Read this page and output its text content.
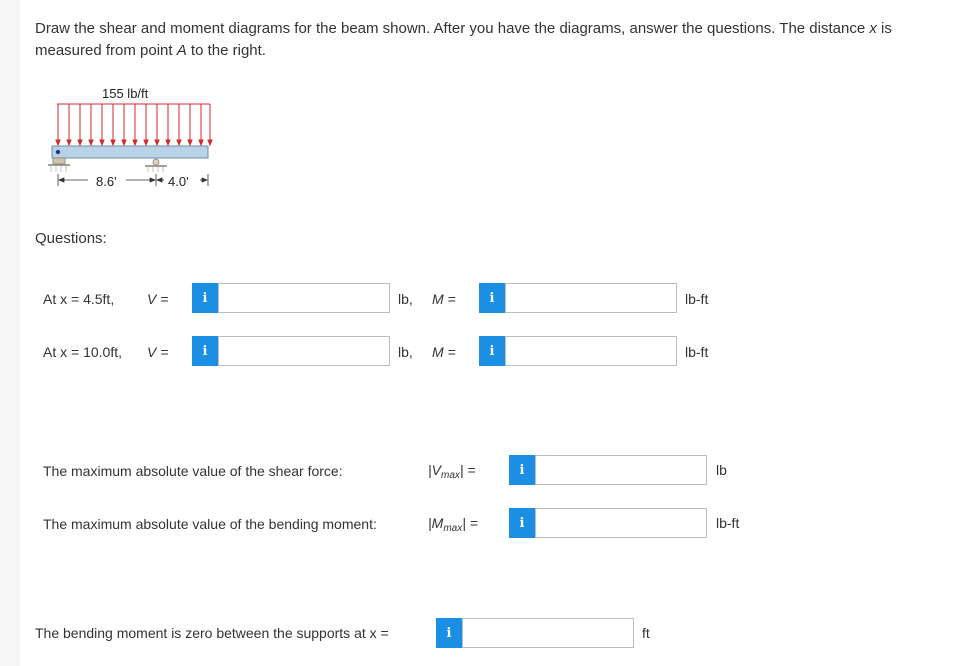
Draw the shear and moment diagrams for the beam shown. After you have the diagrams, answer the questions. The distance x is measured from point A to the right.
155 lb/ft
8.6'	4.0'
Questions:
At x = 4.5ft, V =	i	lb, M =	i	lb-ft
At x = 10.0ft, V =	i	lb, M =	i	lb-ft
The maximum absolute value of the shear force:	$|V_{max}|$ =	i	lb
The maximum absolute value of the bending moment:	$|M_{max}|$ =	i	lb-ft
The bending moment is zero between the supports at x =	i	ft
